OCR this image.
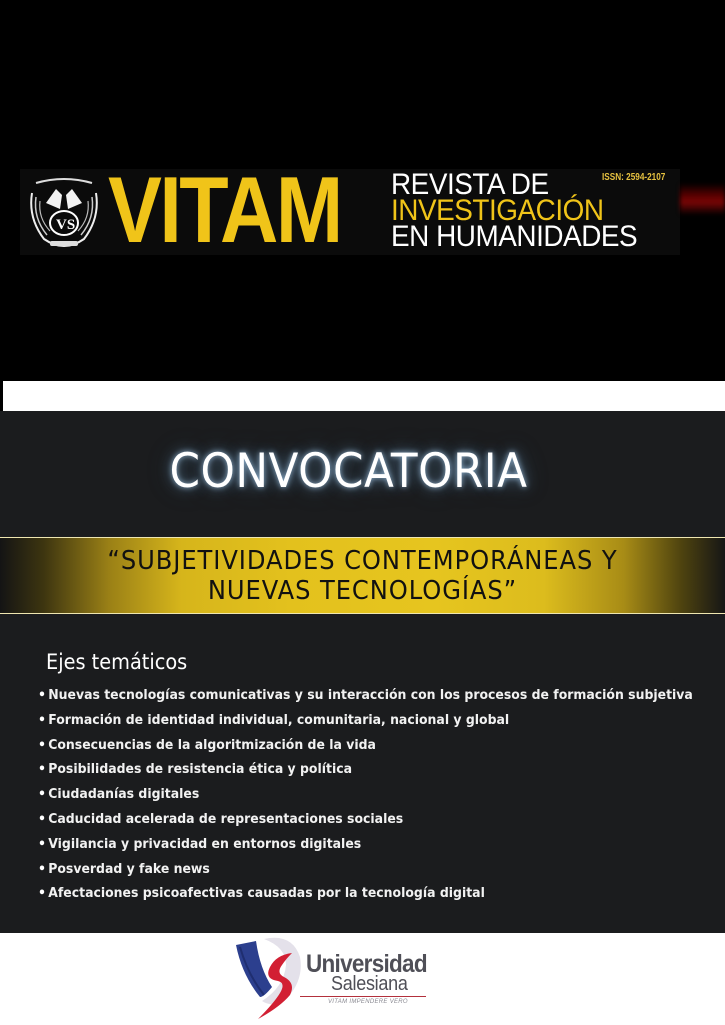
VS VITAM REVISTA DE
INVESTIGACIÓN
EN HUMANIDADES
ISSN: 2594-2107
CONVOCATORIA
“SUBJETIVIDADES CONTEMPORÁNEAS Y
NUEVAS TECNOLOGÍAS”
Ejes temáticos
• Nuevas tecnologías comunicativas y su interacción con los procesos de formación subjetiva
• Formación de identidad individual, comunitaria, nacional y global
• Consecuencias de la algoritmización de la vida
• Posibilidades de resistencia ética y política
• Ciudadanías digitales
• Caducidad acelerada de representaciones sociales
• Vigilancia y privacidad en entornos digitales
• Posverdad y fake news
• Afectaciones psicoafectivas causadas por la tecnología digital
Universidad
Salesiana
VITAM IMPENDERE VERO
